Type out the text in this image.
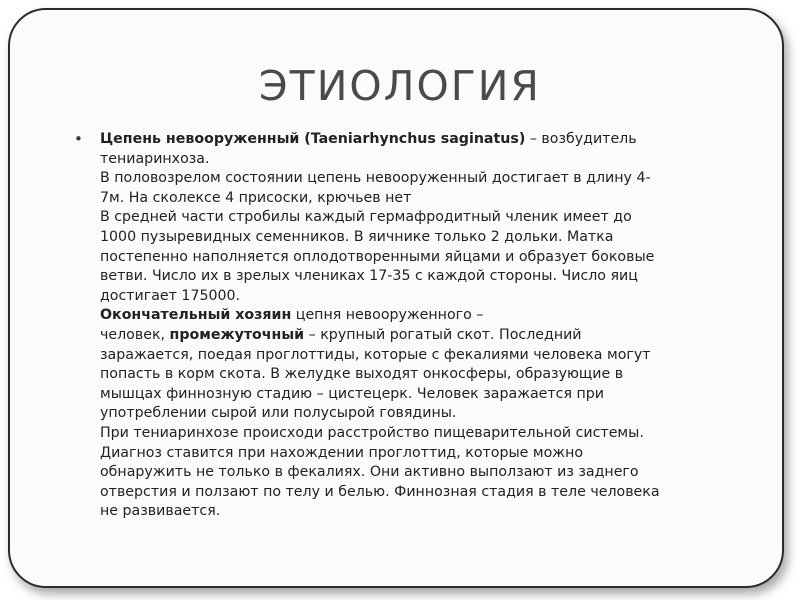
ЭТИОЛОГИЯ
• Цепень невооруженный (Taeniarhynchus saginatus) – возбудитель
тениаринхоза.
В половозрелом состоянии цепень невооруженный достигает в длину 4-
7м. На сколексе 4 присоски, крючьев нет
В средней части стробилы каждый гермафродитный членик имеет до
1000 пузыревидных семенников. В яичнике только 2 дольки. Матка
постепенно наполняется оплодотворенными яйцами и образует боковые
ветви. Число их в зрелых члениках 17-35 с каждой стороны. Число яиц
достигает 175000.
Окончательный хозяин цепня невооруженного –
человек, промежуточный – крупный рогатый скот. Последний
заражается, поедая проглоттиды, которые с фекалиями человека могут
попасть в корм скота. В желудке выходят онкосферы, образующие в
мышцах финнозную стадию – цистецерк. Человек заражается при
употреблении сырой или полусырой говядины.
При тениаринхозе происходи расстройство пищеварительной системы.
Диагноз ставится при нахождении проглоттид, которые можно
обнаружить не только в фекалиях. Они активно выползают из заднего
отверстия и ползают по телу и белью. Финнозная стадия в теле человека
не развивается.
